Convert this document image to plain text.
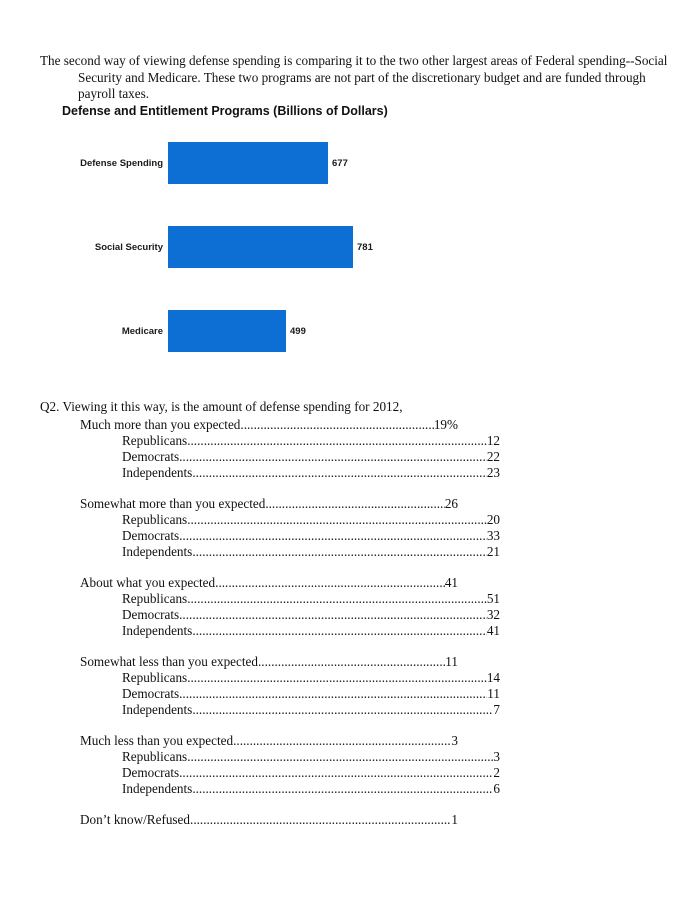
The second way of viewing defense spending is comparing it to the two other largest areas of Federal spending--Social Security and Medicare. These two programs are not part of the discretionary budget and are funded through payroll taxes.

Defense and Entitlement Programs (Billions of Dollars)
Defense Spending	677
Social Security	781
Medicare	499

Q2. Viewing it this way, is the amount of defense spending for 2012,

Much more than you expected .....	19%
Republicans .....	12
Democrats .....	22
Independents .....	23
Somewhat more than you expected .....	26
Republicans .....	20
Democrats .....	33
Independents .....	21
About what you expected .....	41
Republicans .....	51
Democrats .....	32
Independents .....	41
Somewhat less than you expected .....	11
Republicans .....	14
Democrats .....	11
Independents .....	7
Much less than you expected .....	3
Republicans .....	3
Democrats .....	2
Independents .....	6
Don’t know/Refused .....	1
